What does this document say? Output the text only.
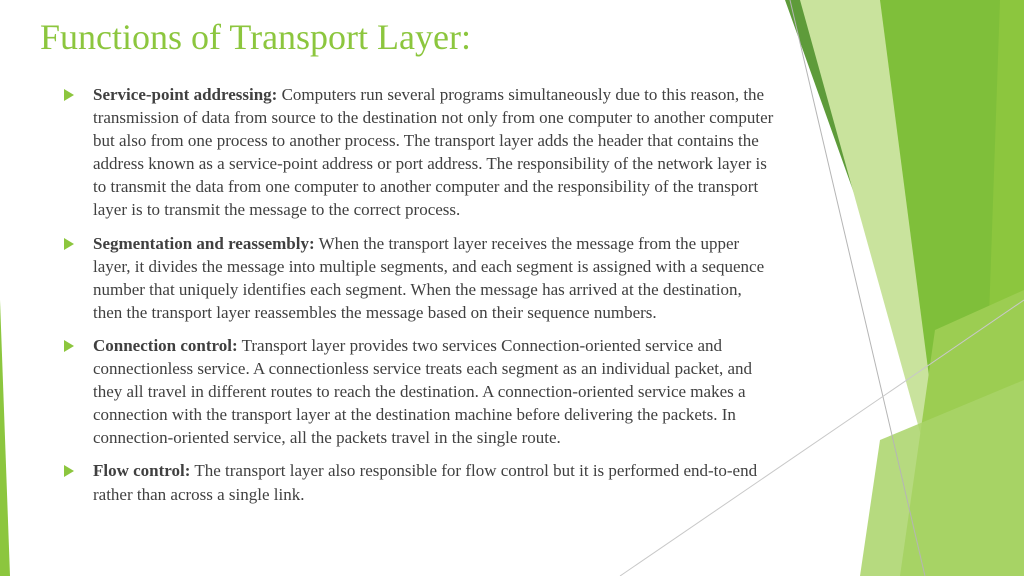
Functions of Transport Layer:
Service-point addressing: Computers run several programs simultaneously due to this reason, the transmission of data from source to the destination not only from one computer to another computer but also from one process to another process. The transport layer adds the header that contains the address known as a service-point address or port address. The responsibility of the network layer is to transmit the data from one computer to another computer and the responsibility of the transport layer is to transmit the message to the correct process.
Segmentation and reassembly: When the transport layer receives the message from the upper layer, it divides the message into multiple segments, and each segment is assigned with a sequence number that uniquely identifies each segment. When the message has arrived at the destination, then the transport layer reassembles the message based on their sequence numbers.
Connection control: Transport layer provides two services Connection-oriented service and connectionless service. A connectionless service treats each segment as an individual packet, and they all travel in different routes to reach the destination. A connection-oriented service makes a connection with the transport layer at the destination machine before delivering the packets. In connection-oriented service, all the packets travel in the single route.
Flow control: The transport layer also responsible for flow control but it is performed end-to-end rather than across a single link.
